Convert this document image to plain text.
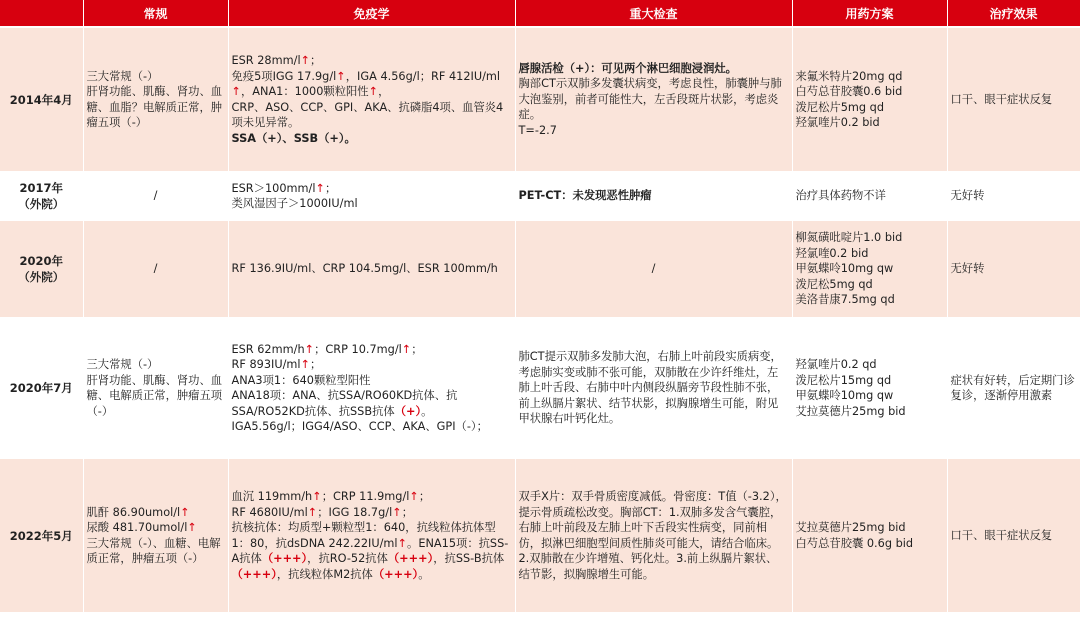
	常规	免疫学	重大检查	用药方案	治疗效果
2014年4月	三大常规（-）
肝肾功能、肌酶、肾功、血糖、血脂？电解质正常，肿瘤五项（-）	ESR 28mm/l↑；
免疫5项IGG 17.9g/l↑，IGA 4.56g/l；RF 412IU/ml
↑，ANA1：1000颗粒阳性↑，
CRP、ASO、CCP、GPI、AKA、抗磷脂4项、血管炎4项未见异常。
SSA（+）、SSB（+）。	唇腺活检（+）：可见两个淋巴细胞浸润灶。
胸部CT示双肺多发囊状病变，考虑良性，肺囊肿与肺大泡鉴别，前者可能性大，左舌段斑片状影，考虑炎症。
T=-2.7	来氟米特片20mg qd
白芍总苷胶囊0.6 bid
泼尼松片5mg qd
羟氯喹片0.2 bid	口干、眼干症状反复
2017年
（外院）	/	ESR＞100mm/l↑；
类风湿因子＞1000IU/ml	PET-CT：未发现恶性肿瘤	治疗具体药物不详	无好转
2020年
（外院）	/	RF 136.9IU/ml、CRP 104.5mg/l、ESR 100mm/h	/	柳氮磺吡啶片1.0 bid
羟氯喹0.2 bid
甲氨蝶呤10mg qw
泼尼松5mg qd
美洛昔康7.5mg qd	无好转
2020年7月	三大常规（-）
肝肾功能、肌酶、肾功、血糖、电解质正常，肿瘤五项（-）	ESR 62mm/h↑；CRP 10.7mg/l↑；
RF 893IU/ml↑；
ANA3项1：640颗粒型阳性
ANA18项：ANA、抗SSA/RO60KD抗体、抗SSA/RO52KD抗体、抗SSB抗体（+）。
IGA5.56g/l；IGG4/ASO、CCP、AKA、GPI（-）；	肺CT提示双肺多发肺大泡，右肺上叶前段实质病变，考虑肺实变或肺不张可能，双肺散在少许纤维灶，左肺上叶舌段、右肺中叶内侧段纵膈旁节段性肺不张，前上纵膈片絮状、结节状影，拟胸腺增生可能，附见甲状腺右叶钙化灶。	羟氯喹片0.2 qd
泼尼松片15mg qd
甲氨蝶呤10mg qw
艾拉莫德片25mg bid	症状有好转，后定期门诊复诊，逐渐停用激素
2022年5月	肌酐 86.90umol/l↑
尿酸 481.70umol/l↑
三大常规（-）、血糖、电解质正常，肿瘤五项（-）	血沉 119mm/h↑；CRP 11.9mg/l↑；
RF 4680IU/ml↑；IGG 18.7g/l↑；
抗核抗体：均质型+颗粒型1：640，抗线粒体抗体型1：80，抗dsDNA 242.22IU/ml↑。ENA15项：抗SS-A抗体（+++），抗RO-52抗体（+++），抗SS-B抗体（+++），抗线粒体M2抗体（+++）。	双手X片：双手骨质密度减低。骨密度：T值（-3.2），提示骨质疏松改变。胸部CT：1.双肺多发含气囊腔，右肺上叶前段及左肺上叶下舌段实性病变，同前相仿，拟淋巴细胞型间质性肺炎可能大，请结合临床。2.双肺散在少许增殖、钙化灶。3.前上纵膈片絮状、结节影，拟胸腺增生可能。	艾拉莫德片25mg bid
白芍总苷胶囊 0.6g bid	口干、眼干症状反复
